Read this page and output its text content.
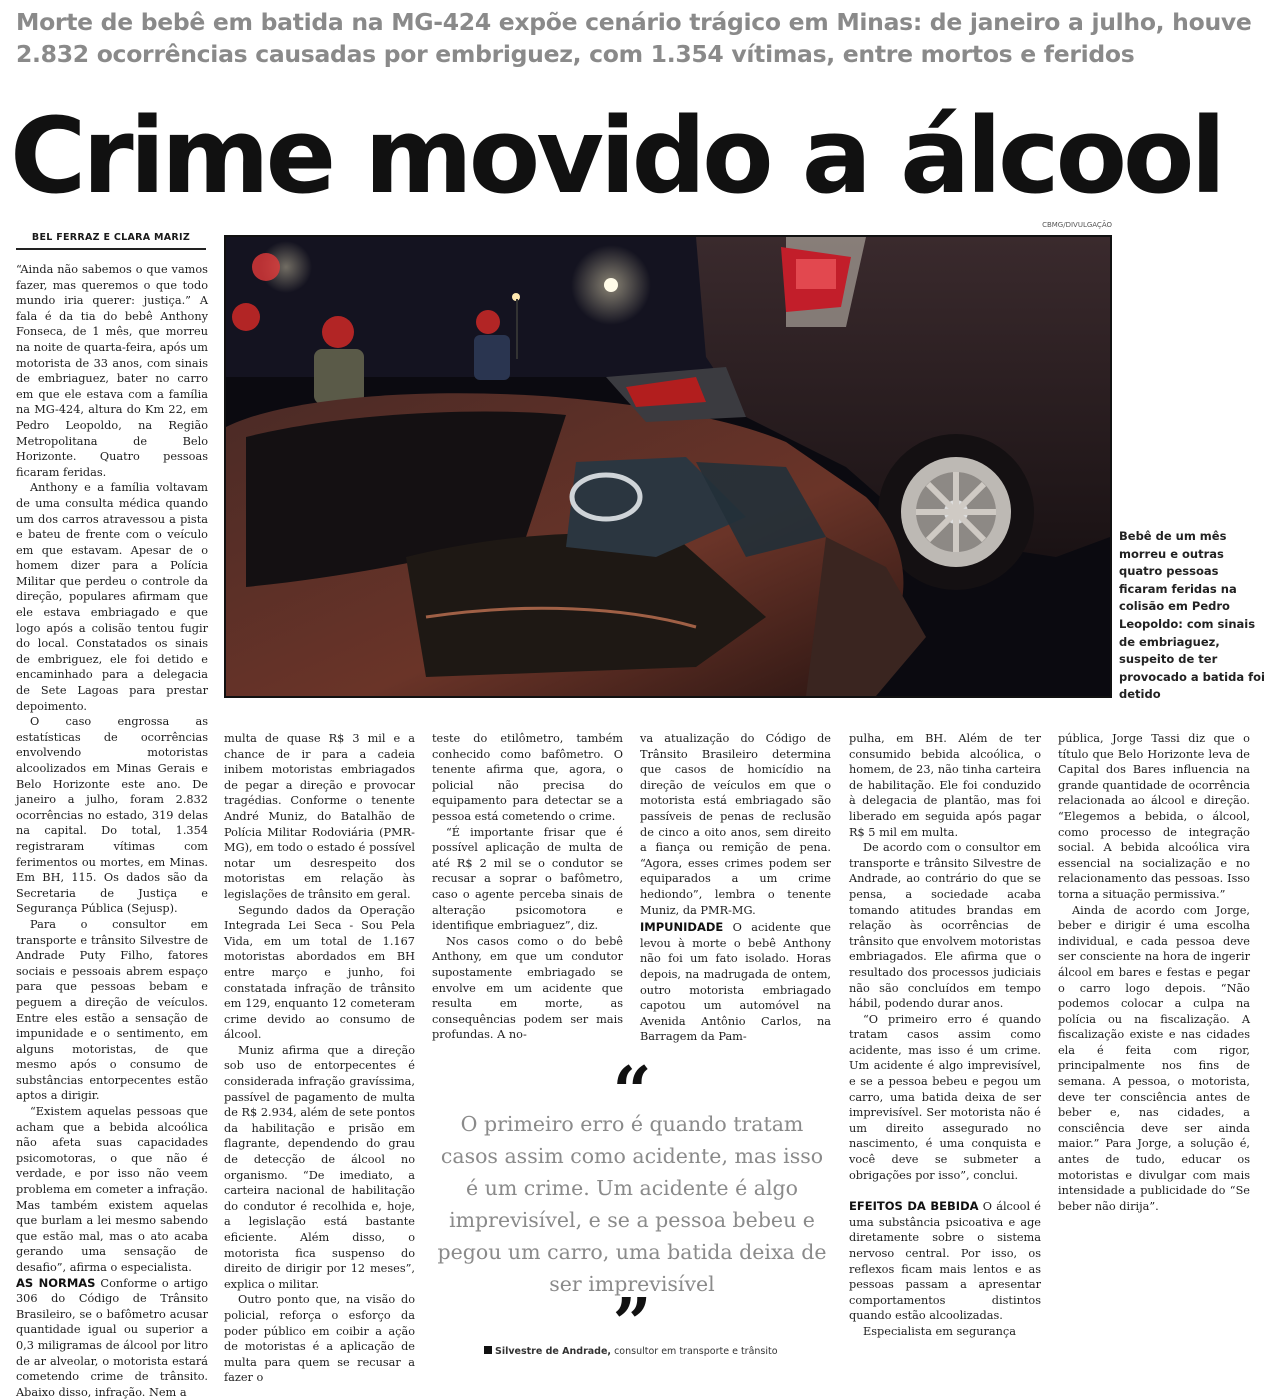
Morte de bebê em batida na MG-424 expõe cenário trágico em Minas: de janeiro a julho, houve 2.832 ocorrências causadas por embriguez, com 1.354 vítimas, entre mortos e feridos
Crime movido a álcool
BEL FERRAZ E CLARA MARIZ
CBMG/DIVULGAÇÃO
Bebê de um mês morreu e outras quatro pessoas ficaram feridas na colisão em Pedro Leopoldo: com sinais de embriaguez, suspeito de ter provocado a batida foi detido

“Ainda não sabemos o que vamos fazer, mas queremos o que todo mundo iria querer: justiça.” A fala é da tia do bebê Anthony Fonseca, de 1 mês, que morreu na noite de quarta-feira, após um motorista de 33 anos, com sinais de embriaguez, bater no carro em que ele estava com a família na MG-424, altura do Km 22, em Pedro Leopoldo, na Região Metropolitana de Belo Horizonte. Quatro pessoas ficaram feridas.

Anthony e a família voltavam de uma consulta médica quando um dos carros atravessou a pista e bateu de frente com o veículo em que estavam. Apesar de o homem dizer para a Polícia Militar que perdeu o controle da direção, populares afirmam que ele estava embriagado e que logo após a colisão tentou fugir do local. Constatados os sinais de embriguez, ele foi detido e encaminhado para a delegacia de Sete Lagoas para prestar depoimento.

O caso engrossa as estatísticas de ocorrências envolvendo motoristas alcoolizados em Minas Gerais e Belo Horizonte este ano. De janeiro a julho, foram 2.832 ocorrências no estado, 319 delas na capital. Do total, 1.354 registraram vítimas com ferimentos ou mortes, em Minas. Em BH, 115. Os dados são da Secretaria de Justiça e Segurança Pública (Sejusp).

Para o consultor em transporte e trânsito Silvestre de Andrade Puty Filho, fatores sociais e pessoais abrem espaço para que pessoas bebam e peguem a direção de veículos. Entre eles estão a sensação de impunidade e o sentimento, em alguns motoristas, de que mesmo após o consumo de substâncias entorpecentes estão aptos a dirigir.

“Existem aquelas pessoas que acham que a bebida alcoólica não afeta suas capacidades psicomotoras, o que não é verdade, e por isso não veem problema em cometer a infração. Mas também existem aquelas que burlam a lei mesmo sabendo que estão mal, mas o ato acaba gerando uma sensação de desafio”, afirma o especialista.

AS NORMAS Conforme o artigo 306 do Código de Trânsito Brasileiro, se o bafômetro acusar quantidade igual ou superior a 0,3 miligramas de álcool por litro de ar alveolar, o motorista estará cometendo crime de trânsito. Abaixo disso, infração. Nem a

multa de quase R$ 3 mil e a chance de ir para a cadeia inibem motoristas embriagados de pegar a direção e provocar tragédias. Conforme o tenente André Muniz, do Batalhão de Polícia Militar Rodoviária (PMR-MG), em todo o estado é possível notar um desrespeito dos motoristas em relação às legislações de trânsito em geral.

Segundo dados da Operação Integrada Lei Seca - Sou Pela Vida, em um total de 1.167 motoristas abordados em BH entre março e junho, foi constatada infração de trânsito em 129, enquanto 12 cometeram crime devido ao consumo de álcool.

Muniz afirma que a direção sob uso de entorpecentes é considerada infração gravíssima, passível de pagamento de multa de R$ 2.934, além de sete pontos da habilitação e prisão em flagrante, dependendo do grau de detecção de álcool no organismo. “De imediato, a carteira nacional de habilitação do condutor é recolhida e, hoje, a legislação está bastante eficiente. Além disso, o motorista fica suspenso do direito de dirigir por 12 meses”, explica o militar.

Outro ponto que, na visão do policial, reforça o esforço da poder público em coibir a ação de motoristas é a aplicação de multa para quem se recusar a fazer o

teste do etilômetro, também conhecido como bafômetro. O tenente afirma que, agora, o policial não precisa do equipamento para detectar se a pessoa está cometendo o crime.

“É importante frisar que é possível aplicação de multa de até R$ 2 mil se o condutor se recusar a soprar o bafômetro, caso o agente perceba sinais de alteração psicomotora e identifique embriaguez”, diz.

Nos casos como o do bebê Anthony, em que um condutor supostamente embriagado se envolve em um acidente que resulta em morte, as consequências podem ser mais profundas. A no-

va atualização do Código de Trânsito Brasileiro determina que casos de homicídio na direção de veículos em que o motorista está embriagado são passíveis de penas de reclusão de cinco a oito anos, sem direito a fiança ou remição de pena. “Agora, esses crimes podem ser equiparados a um crime hediondo”, lembra o tenente Muniz, da PMR-MG.

IMPUNIDADE O acidente que levou à morte o bebê Anthony não foi um fato isolado. Horas depois, na madrugada de ontem, outro motorista embriagado capotou um automóvel na Avenida Antônio Carlos, na Barragem da Pam-

pulha, em BH. Além de ter consumido bebida alcoólica, o homem, de 23, não tinha carteira de habilitação. Ele foi conduzido à delegacia de plantão, mas foi liberado em seguida após pagar R$ 5 mil em multa.

De acordo com o consultor em transporte e trânsito Silvestre de Andrade, ao contrário do que se pensa, a sociedade acaba tomando atitudes brandas em relação às ocorrências de trânsito que envolvem motoristas embriagados. Ele afirma que o resultado dos processos judiciais não são concluídos em tempo hábil, podendo durar anos.

“O primeiro erro é quando tratam casos assim como acidente, mas isso é um crime. Um acidente é algo imprevisível, e se a pessoa bebeu e pegou um carro, uma batida deixa de ser imprevisível. Ser motorista não é um direito assegurado no nascimento, é uma conquista e você deve se submeter a obrigações por isso”, conclui.

EFEITOS DA BEBIDA O álcool é uma substância psicoativa e age diretamente sobre o sistema nervoso central. Por isso, os reflexos ficam mais lentos e as pessoas passam a apresentar comportamentos distintos quando estão alcoolizadas.

Especialista em segurança

pública, Jorge Tassi diz que o título que Belo Horizonte leva de Capital dos Bares influencia na grande quantidade de ocorrência relacionada ao álcool e direção. “Elegemos a bebida, o álcool, como processo de integração social. A bebida alcoólica vira essencial na socialização e no relacionamento das pessoas. Isso torna a situação permissiva.”

Ainda de acordo com Jorge, beber e dirigir é uma escolha individual, e cada pessoa deve ser consciente na hora de ingerir álcool em bares e festas e pegar o carro logo depois. “Não podemos colocar a culpa na polícia ou na fiscalização. A fiscalização existe e nas cidades ela é feita com rigor, principalmente nos fins de semana. A pessoa, o motorista, deve ter consciência antes de beber e, nas cidades, a consciência deve ser ainda maior.” Para Jorge, a solução é, antes de tudo, educar os motoristas e divulgar com mais intensidade a publicidade do “Se beber não dirija”.

“
O primeiro erro é quando tratam casos assim como acidente, mas isso é um crime. Um acidente é algo imprevisível, e se a pessoa bebeu e pegou um carro, uma batida deixa de ser imprevisível
”
Silvestre de Andrade, consultor em transporte e trânsito
